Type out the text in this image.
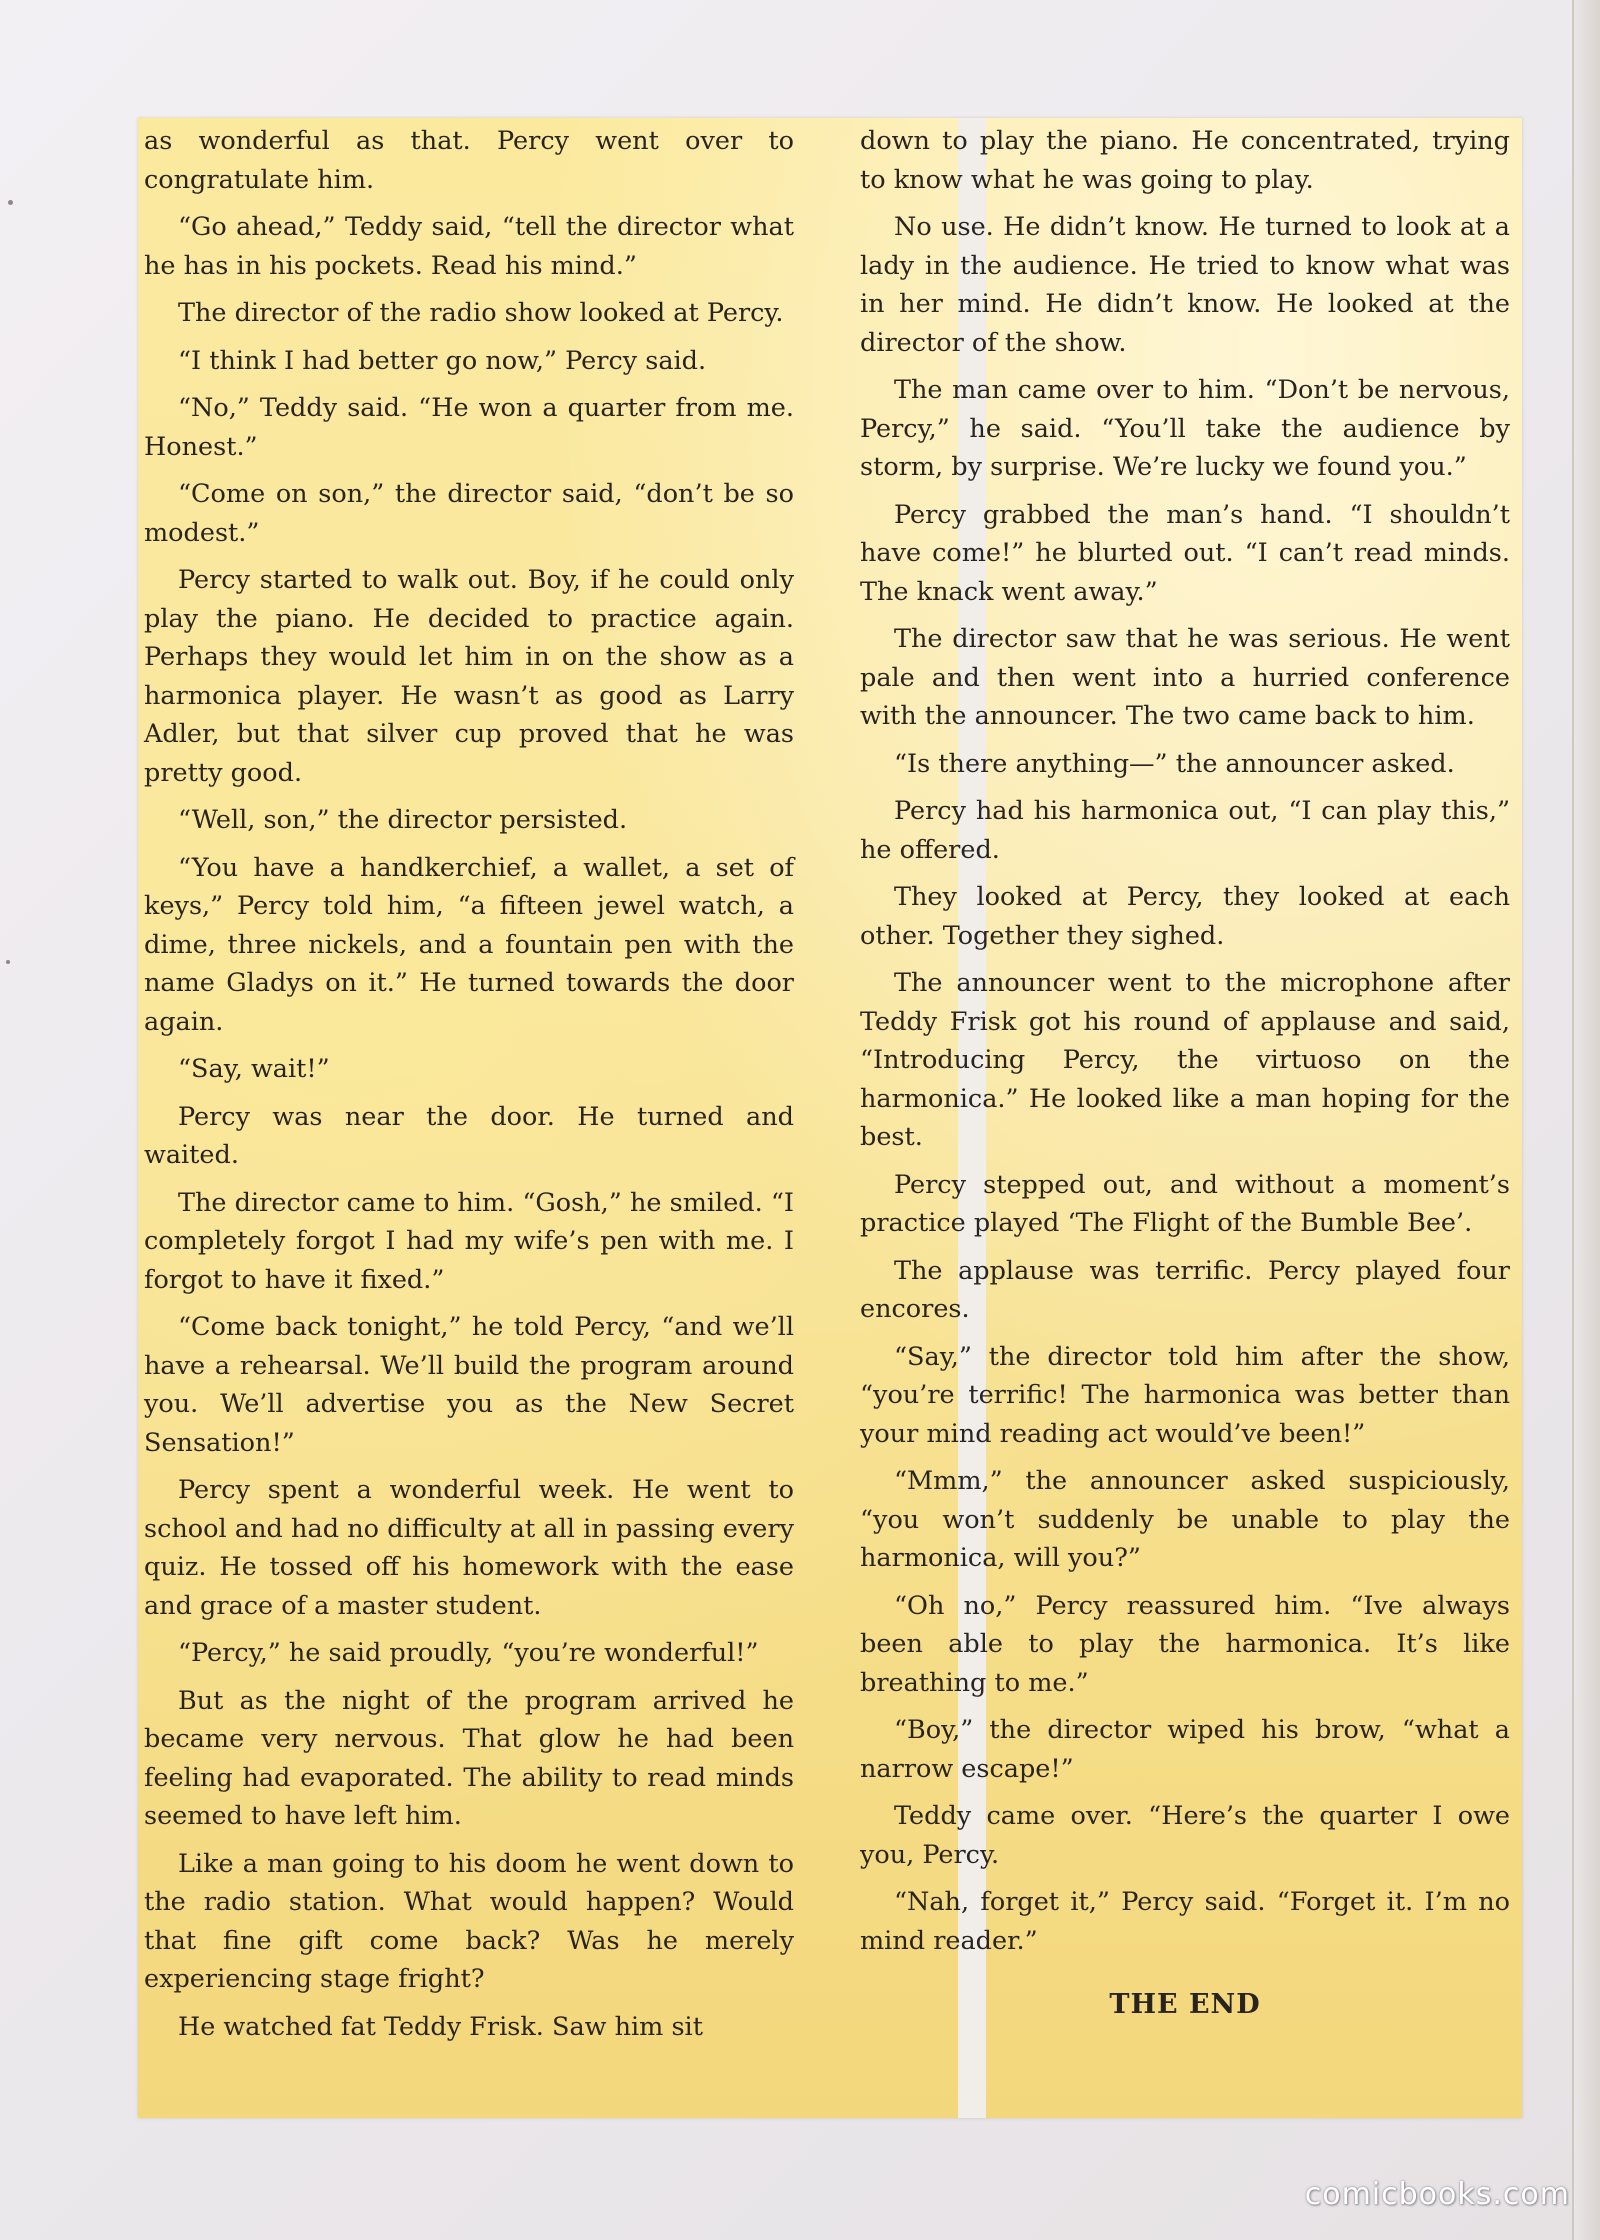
as wonderful as that. Percy went over to congratulate him.

“Go ahead,” Teddy said, “tell the director what he has in his pockets. Read his mind.”

The director of the radio show looked at Percy.

“I think I had better go now,” Percy said.

“No,” Teddy said. “He won a quarter from me. Honest.”

“Come on son,” the director said, “don’t be so modest.”

Percy started to walk out. Boy, if he could only play the piano. He decided to practice again. Perhaps they would let him in on the show as a harmonica player. He wasn’t as good as Larry Adler, but that silver cup proved that he was pretty good.

“Well, son,” the director persisted.

“You have a handkerchief, a wallet, a set of keys,” Percy told him, “a fifteen jewel watch, a dime, three nickels, and a fountain pen with the name Gladys on it.” He turned towards the door again.

“Say, wait!”

Percy was near the door. He turned and waited.

The director came to him. “Gosh,” he smiled. “I completely forgot I had my wife’s pen with me. I forgot to have it fixed.”

“Come back tonight,” he told Percy, “and we’ll have a rehearsal. We’ll build the program around you. We’ll advertise you as the New Secret Sensation!”

Percy spent a wonderful week. He went to school and had no difficulty at all in passing every quiz. He tossed off his homework with the ease and grace of a master student.

“Percy,” he said proudly, “you’re wonderful!”

But as the night of the program arrived he became very nervous. That glow he had been feeling had evaporated. The ability to read minds seemed to have left him.

Like a man going to his doom he went down to the radio station. What would happen? Would that fine gift come back? Was he merely experiencing stage fright?

He watched fat Teddy Frisk. Saw him sit

down to play the piano. He concentrated, trying to know what he was going to play.

No use. He didn’t know. He turned to look at a lady in the audience. He tried to know what was in her mind. He didn’t know. He looked at the director of the show.

The man came over to him. “Don’t be nervous, Percy,” he said. “You’ll take the audience by storm, by surprise. We’re lucky we found you.”

Percy grabbed the man’s hand. “I shouldn’t have come!” he blurted out. “I can’t read minds. The knack went away.”

The director saw that he was serious. He went pale and then went into a hurried conference with the announcer. The two came back to him.

“Is there anything—” the announcer asked.

Percy had his harmonica out, “I can play this,” he offered.

They looked at Percy, they looked at each other. Together they sighed.

The announcer went to the microphone after Teddy Frisk got his round of applause and said, “Introducing Percy, the virtuoso on the harmonica.” He looked like a man hoping for the best.

Percy stepped out, and without a moment’s practice played ‘The Flight of the Bumble Bee’.

The applause was terrific. Percy played four encores.

“Say,” the director told him after the show, “you’re terrific! The harmonica was better than your mind reading act would’ve been!”

“Mmm,” the announcer asked suspiciously, “you won’t suddenly be unable to play the harmonica, will you?”

“Oh no,” Percy reassured him. “Ive always been able to play the harmonica. It’s like breathing to me.”

“Boy,” the director wiped his brow, “what a narrow escape!”

Teddy came over. “Here’s the quarter I owe you, Percy.

“Nah, forget it,” Percy said. “Forget it. I’m no mind reader.”

THE END
comicbooks.com
